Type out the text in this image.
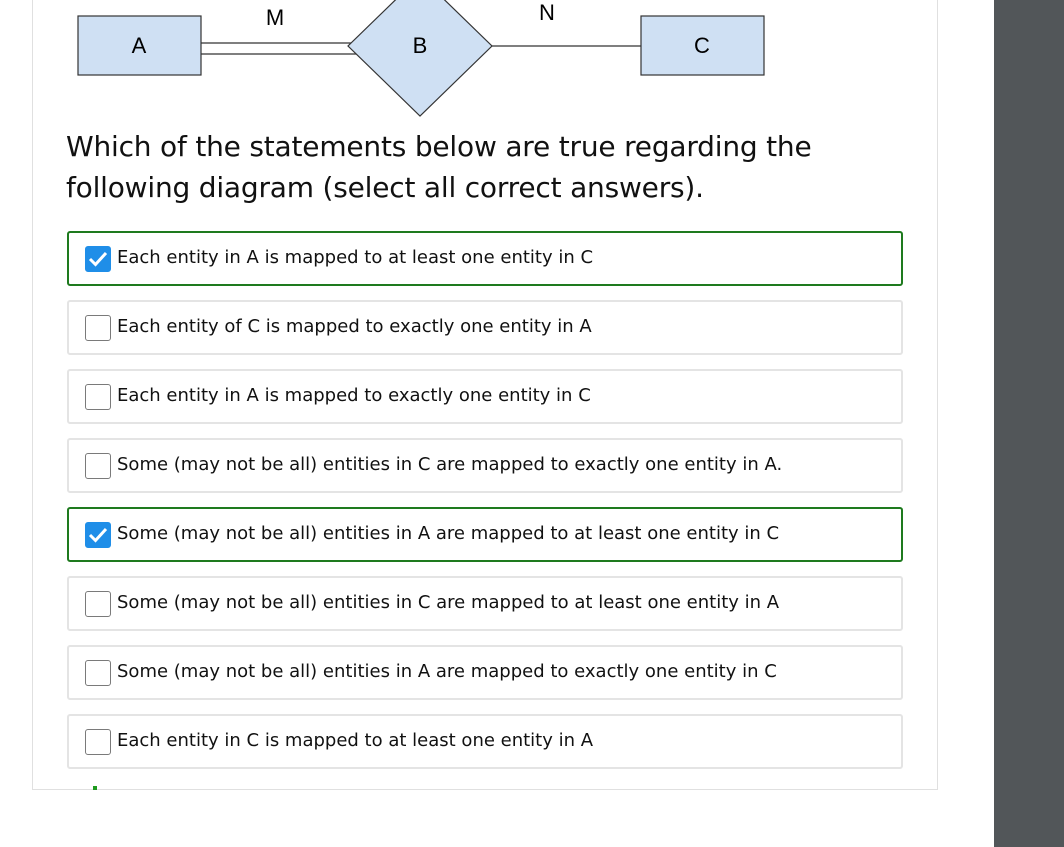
A
M
B
N
C
Which of the statements below are true regarding the following diagram (select all correct answers).
Each entity in A is mapped to at least one entity in C
Each entity of C is mapped to exactly one entity in A
Each entity in A is mapped to exactly one entity in C
Some (may not be all) entities in C are mapped to exactly one entity in A.
Some (may not be all) entities in A are mapped to at least one entity in C
Some (may not be all) entities in C are mapped to at least one entity in A
Some (may not be all) entities in A are mapped to exactly one entity in C
Each entity in C is mapped to at least one entity in A
